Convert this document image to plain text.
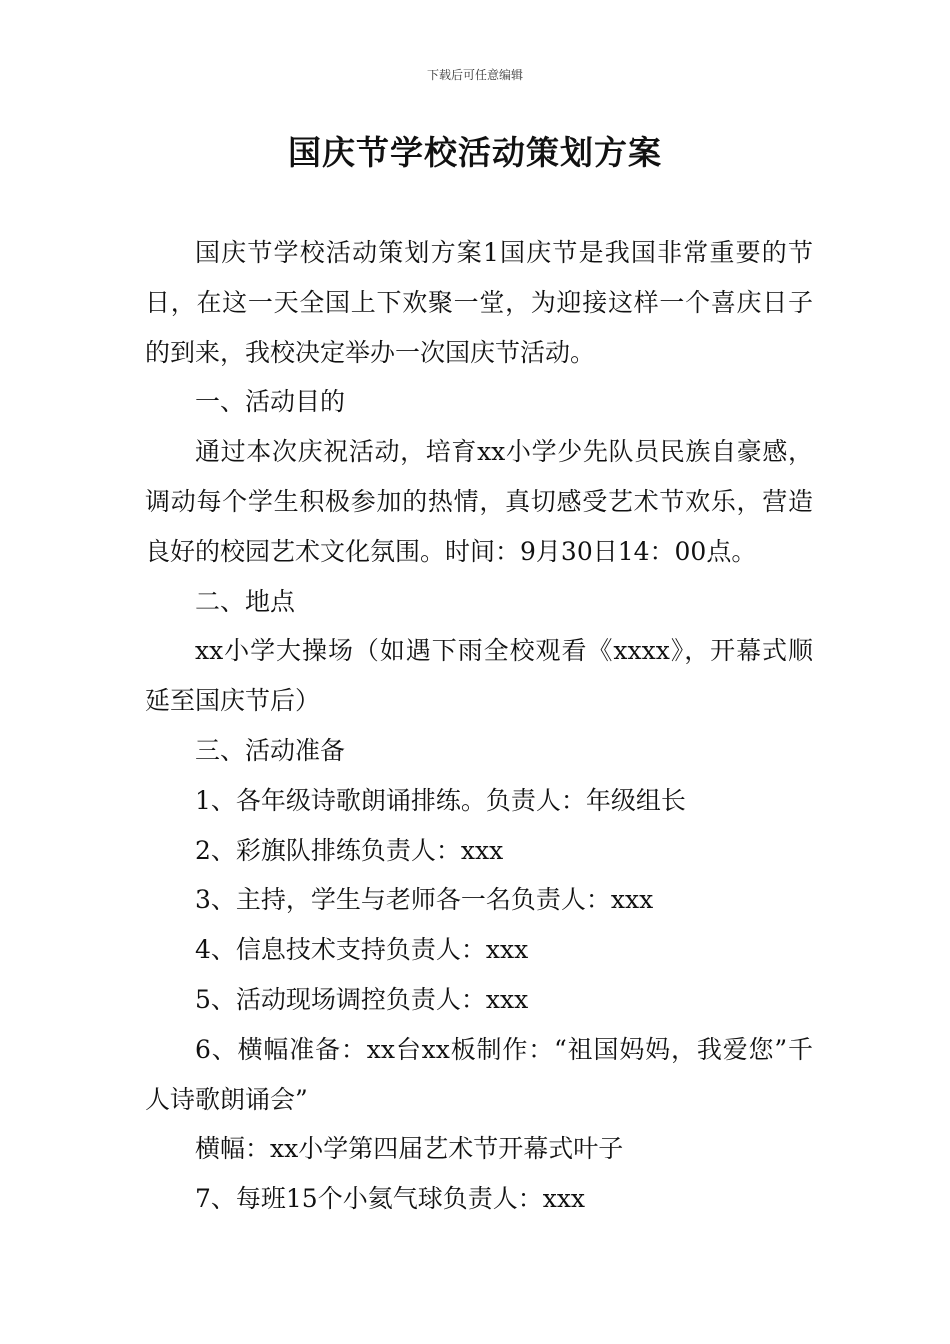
下载后可任意编辑
国庆节学校活动策划方案

国庆节学校活动策划方案1国庆节是我国非常重要的节日，在这一天全国上下欢聚一堂，为迎接这样一个喜庆日子的到来，我校决定举办一次国庆节活动。

一、活动目的

通过本次庆祝活动，培育xx小学少先队员民族自豪感，调动每个学生积极参加的热情，真切感受艺术节欢乐，营造良好的校园艺术文化氛围。时间：9月30日14：00点。

二、地点

xx小学大操场（如遇下雨全校观看《xxxx》，开幕式顺延至国庆节后）

三、活动准备

1、各年级诗歌朗诵排练。负责人：年级组长

2、彩旗队排练负责人：xxx

3、主持，学生与老师各一名负责人：xxx

4、信息技术支持负责人：xxx

5、活动现场调控负责人：xxx

6、横幅准备：xx台xx板制作：“祖国妈妈，我爱您”千人诗歌朗诵会”

横幅：xx小学第四届艺术节开幕式叶子

7、每班15个小氦气球负责人：xxx
